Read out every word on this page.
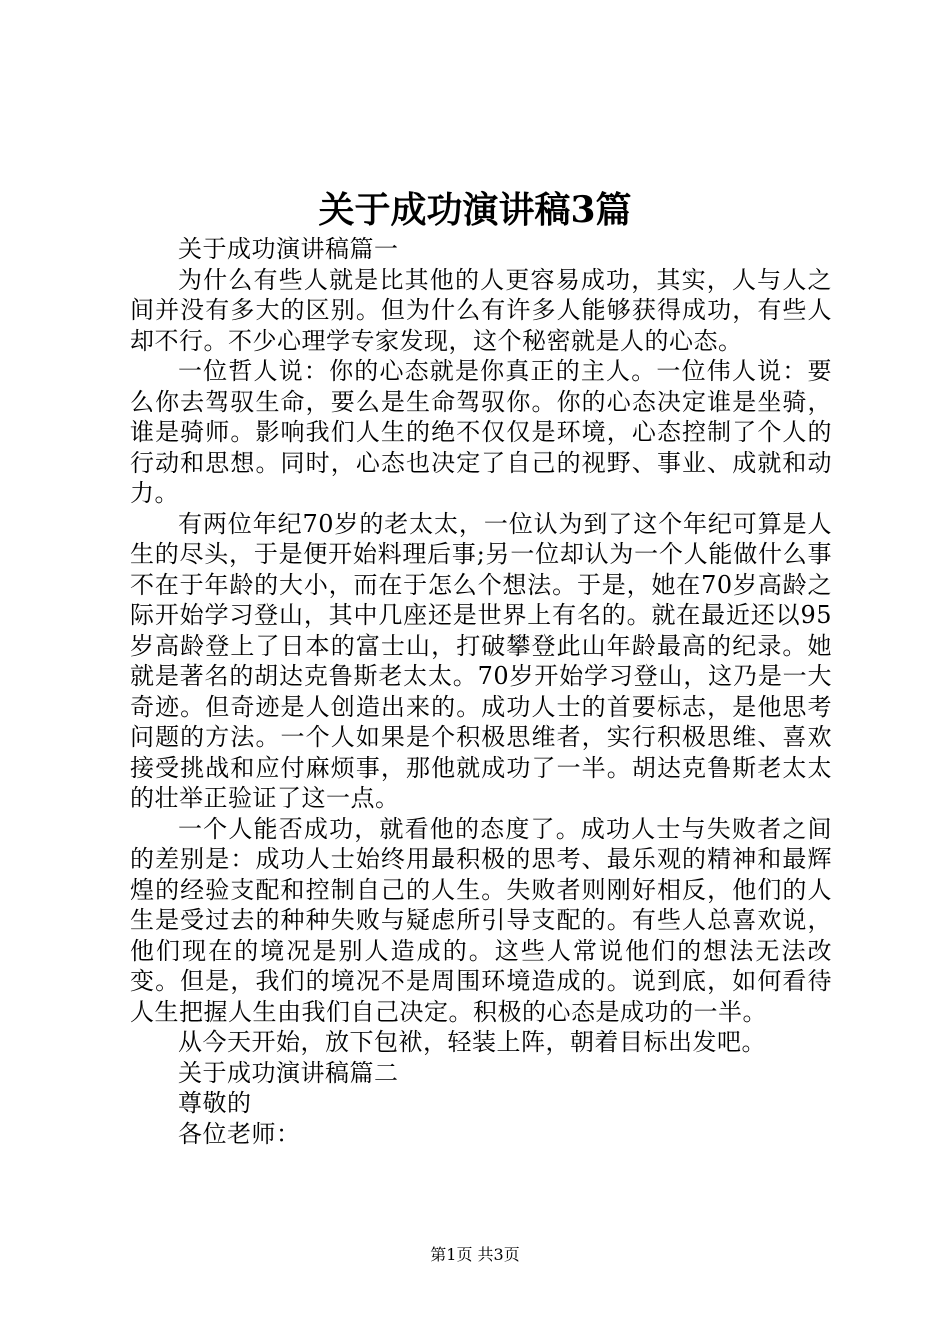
关于成功演讲稿3篇

关于成功演讲稿篇一

为什么有些人就是比其他的人更容易成功，其实，人与人之间并没有多大的区别。但为什么有许多人能够获得成功，有些人却不行。不少心理学专家发现，这个秘密就是人的心态。

一位哲人说：你的心态就是你真正的主人。一位伟人说：要么你去驾驭生命，要么是生命驾驭你。你的心态决定谁是坐骑，谁是骑师。影响我们人生的绝不仅仅是环境，心态控制了个人的行动和思想。同时，心态也决定了自己的视野、事业、成就和动力。

有两位年纪70岁的老太太，一位认为到了这个年纪可算是人生的尽头，于是便开始料理后事;另一位却认为一个人能做什么事不在于年龄的大小，而在于怎么个想法。于是，她在70岁高龄之际开始学习登山，其中几座还是世界上有名的。就在最近还以95岁高龄登上了日本的富士山，打破攀登此山年龄最高的纪录。她就是著名的胡达克鲁斯老太太。70岁开始学习登山，这乃是一大奇迹。但奇迹是人创造出来的。成功人士的首要标志，是他思考问题的方法。一个人如果是个积极思维者，实行积极思维、喜欢接受挑战和应付麻烦事，那他就成功了一半。胡达克鲁斯老太太的壮举正验证了这一点。

一个人能否成功，就看他的态度了。成功人士与失败者之间的差别是：成功人士始终用最积极的思考、最乐观的精神和最辉煌的经验支配和控制自己的人生。失败者则刚好相反，他们的人生是受过去的种种失败与疑虑所引导支配的。有些人总喜欢说，他们现在的境况是别人造成的。这些人常说他们的想法无法改变。但是，我们的境况不是周围环境造成的。说到底，如何看待人生把握人生由我们自己决定。积极的心态是成功的一半。

从今天开始，放下包袱，轻装上阵，朝着目标出发吧。

关于成功演讲稿篇二

尊敬的

各位老师：

第1页 共3页
